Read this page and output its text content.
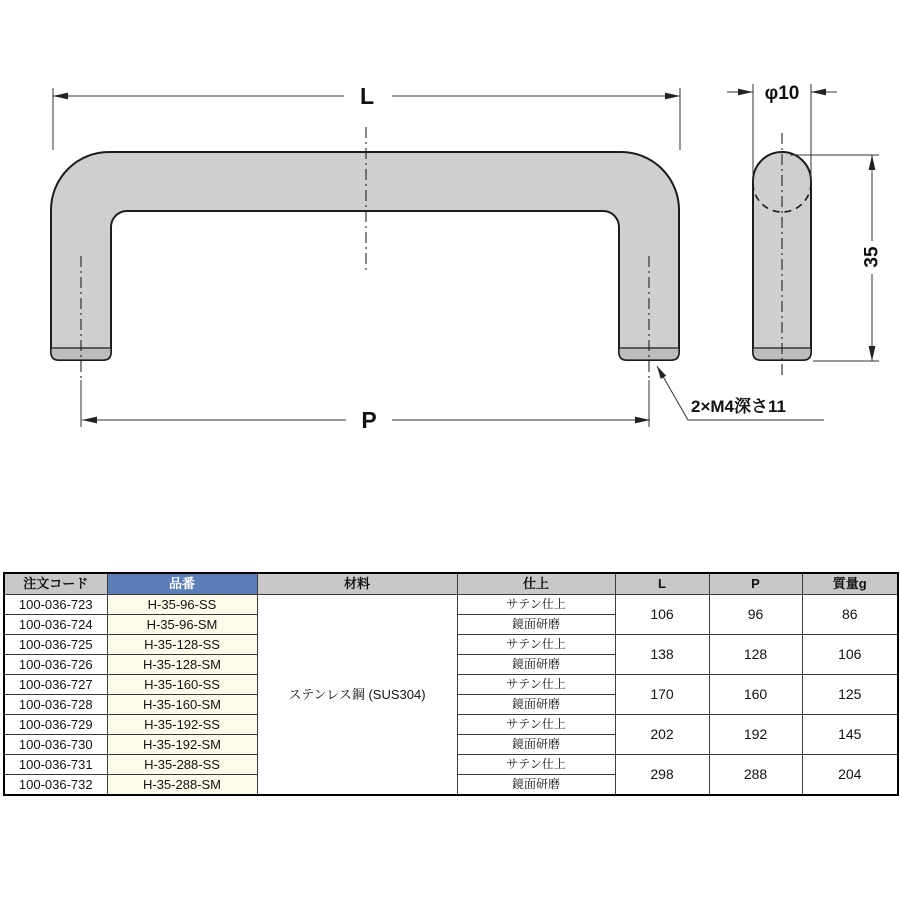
L
P
2×M4深さ11
φ10
35
注文コード	品番	材料	仕上	L	P	質量g
100-036-723	H-35-96-SS	ステンレス鋼 (SUS304)	サテン仕上	106	96	86
100-036-724	H-35-96-SM		鏡面研磨			
100-036-725	H-35-128-SS		サテン仕上	138	128	106
100-036-726	H-35-128-SM		鏡面研磨			
100-036-727	H-35-160-SS		サテン仕上	170	160	125
100-036-728	H-35-160-SM		鏡面研磨			
100-036-729	H-35-192-SS		サテン仕上	202	192	145
100-036-730	H-35-192-SM		鏡面研磨			
100-036-731	H-35-288-SS		サテン仕上	298	288	204
100-036-732	H-35-288-SM		鏡面研磨			
